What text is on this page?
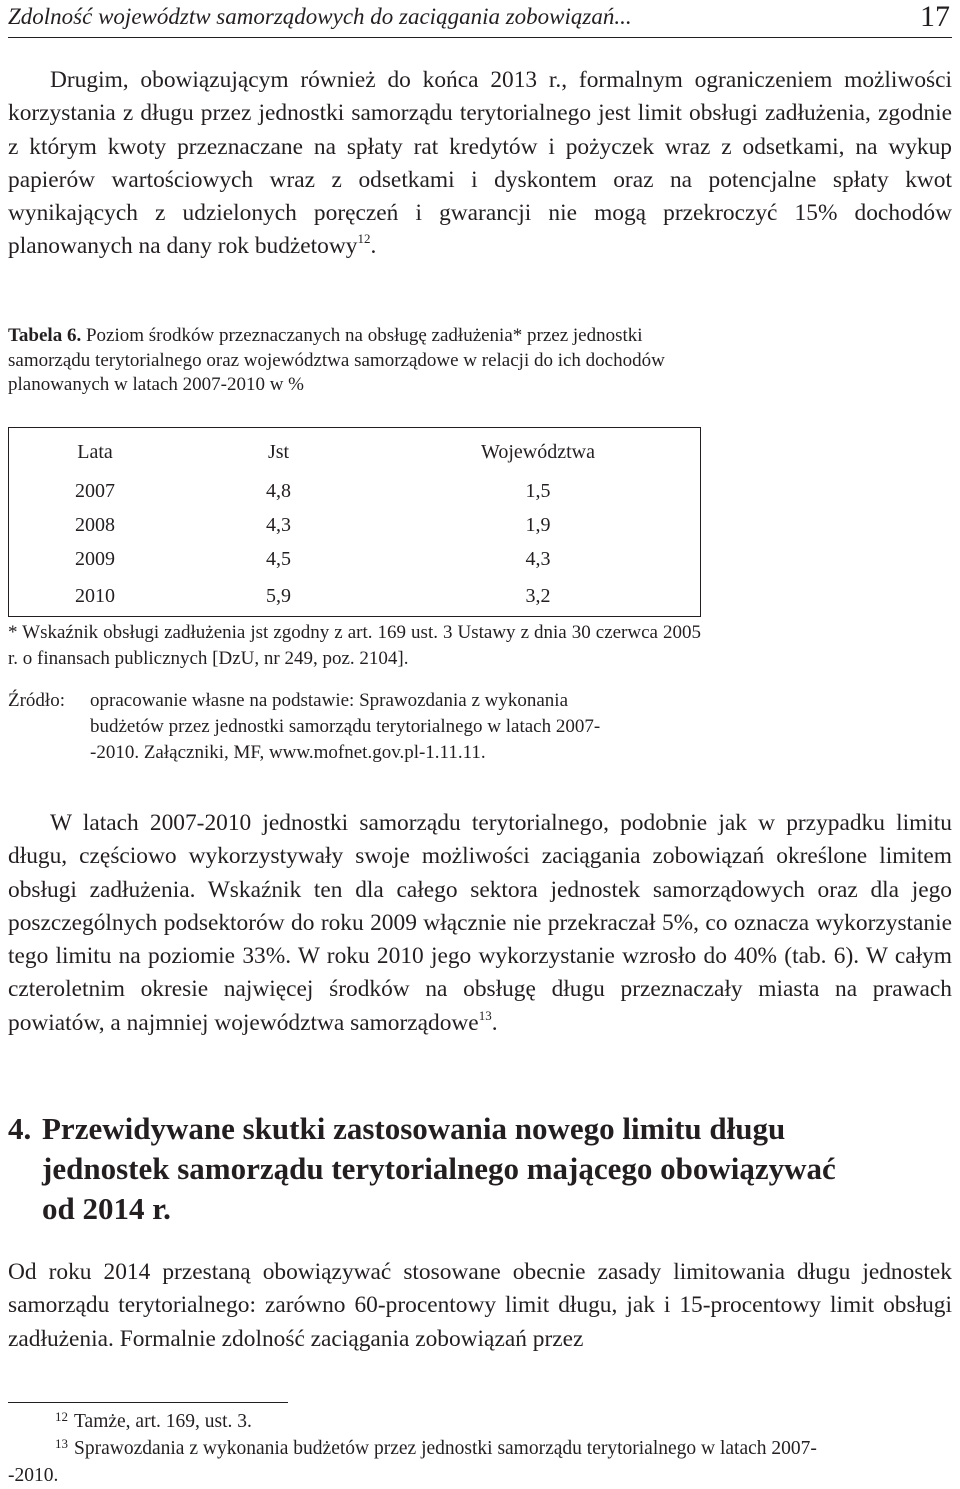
Zdolność województw samorządowych do zaciągania zobowiązań...	17
Drugim, obowiązującym również do końca 2013 r., formalnym ograniczeniem możliwości korzystania z długu przez jednostki samorządu terytorialnego jest limit obsługi zadłużenia, zgodnie z którym kwoty przeznaczane na spłaty rat kredytów i pożyczek wraz z odsetkami, na wykup papierów wartościowych wraz z odsetkami i dyskontem oraz na potencjalne spłaty kwot wynikających z udzielonych poręczeń i gwarancji nie mogą przekroczyć 15% dochodów planowanych na dany rok budżetowy$^{12}$.
Tabela 6. Poziom środków przeznaczanych na obsługę zadłużenia* przez jednostki samorządu terytorialnego oraz województwa samorządowe w relacji do ich dochodów planowanych w latach 2007-2010 w %
Lata	Jst	Województwa
2007	4,8	1,5
2008	4,3	1,9
2009	4,5	4,3
2010	5,9	3,2
* Wskaźnik obsługi zadłużenia jst zgodny z art. 169 ust. 3 Ustawy z dnia 30 czerwca 2005 r. o finansach publicznych [DzU, nr 249, poz. 2104].
Źródło:	opracowanie własne na podstawie: Sprawozdania z wykonania
budżetów przez jednostki samorządu terytorialnego w latach 2007-
-2010. Załączniki, MF, www.mofnet.gov.pl-1.11.11.
W latach 2007-2010 jednostki samorządu terytorialnego, podobnie jak w przypadku limitu długu, częściowo wykorzystywały swoje możliwości zaciągania zobowiązań określone limitem obsługi zadłużenia. Wskaźnik ten dla całego sektora jednostek samorządowych oraz dla jego poszczególnych podsektorów do roku 2009 włącznie nie przekraczał 5%, co oznacza wykorzystanie tego limitu na poziomie 33%. W roku 2010 jego wykorzystanie wzrosło do 40% (tab. 6). W całym czteroletnim okresie najwięcej środków na obsługę długu przeznaczały miasta na prawach powiatów, a najmniej województwa samorządowe$^{13}$.
4. Przewidywane skutki zastosowania nowego limitu długu
jednostek samorządu terytorialnego mającego obowiązywać
od 2014 r.
Od roku 2014 przestaną obowiązywać stosowane obecnie zasady limitowania długu jednostek samorządu terytorialnego: zarówno 60-procentowy limit długu, jak i 15-procentowy limit obsługi zadłużenia. Formalnie zdolność zaciągania zobowiązań przez
$^{12}$ Tamże, art. 169, ust. 3.
$^{13}$ Sprawozdania z wykonania budżetów przez jednostki samorządu terytorialnego w latach 2007-
-2010.
